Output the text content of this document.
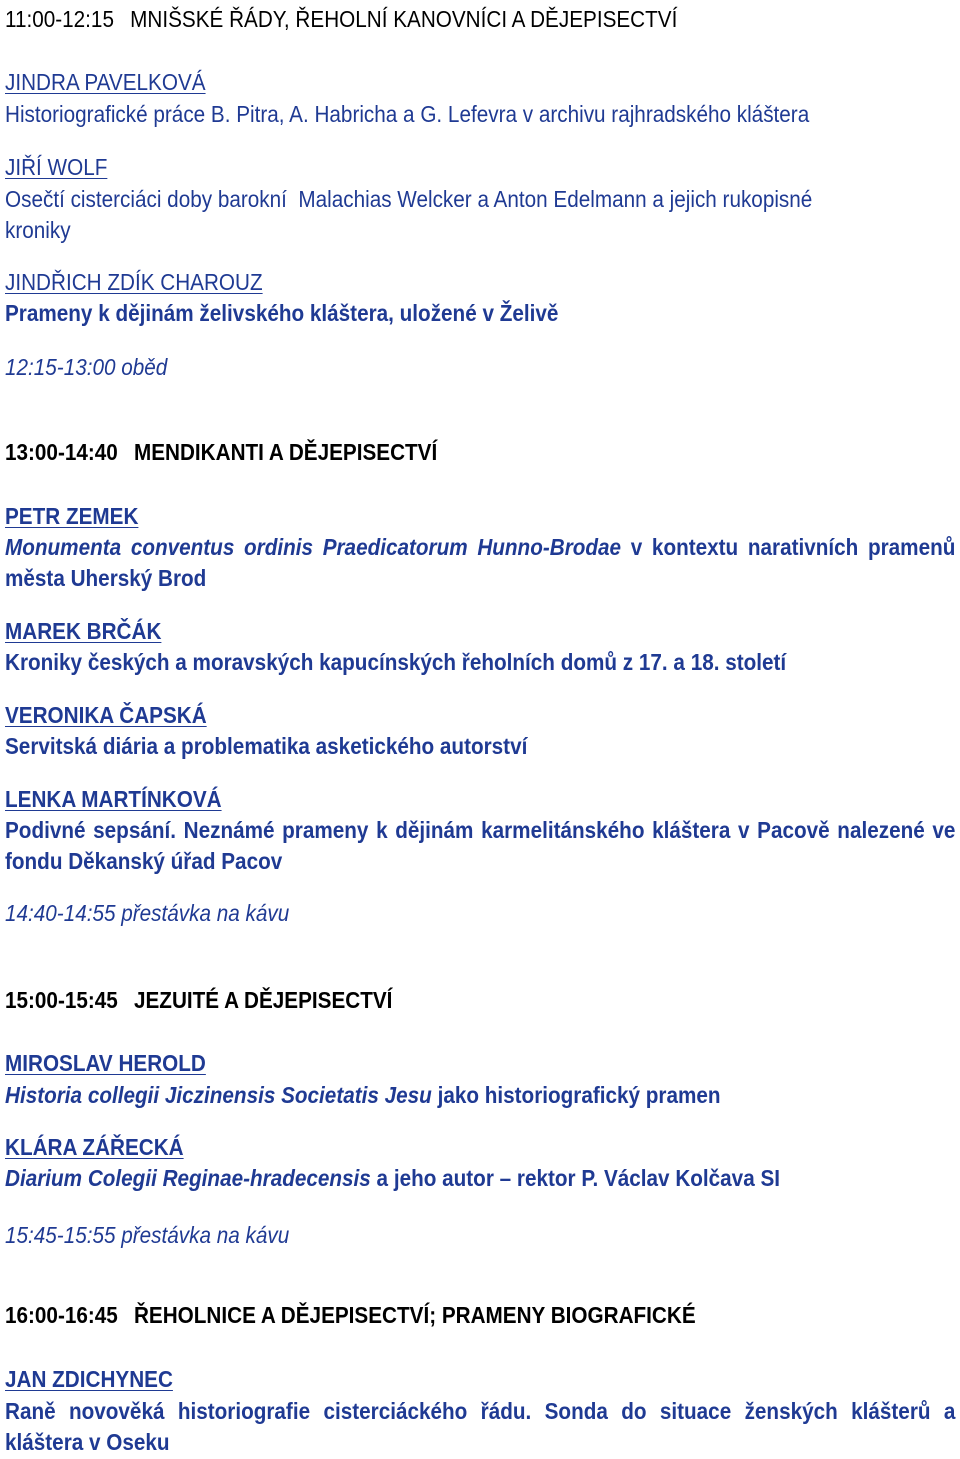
11:00-12:15 MNIŠSKÉ ŘÁDY, ŘEHOLNÍ KANOVNÍCI A DĚJEPISECTVÍ
JINDRA PAVELKOVÁ
Historiografické práce B. Pitra, A. Habricha a G. Lefevra v archivu rajhradského kláštera
JIŘÍ WOLF
Osečtí cisterciáci doby barokní  Malachias Welcker a Anton Edelmann a jejich rukopisné
kroniky
JINDŘICH ZDÍK CHAROUZ
Prameny k dějinám želivského kláštera, uložené v Želivě
12:15-13:00 oběd
13:00-14:40 MENDIKANTI A DĚJEPISECTVÍ
PETR ZEMEK
Monumenta conventus ordinis Praedicatorum Hunno-Brodae v kontextu narativních pramenů města Uherský Brod
MAREK BRČÁK
Kroniky českých a moravských kapucínských řeholních domů z 17. a 18. století
VERONIKA ČAPSKÁ
Servitská diária a problematika asketického autorství
LENKA MARTÍNKOVÁ
Podivné sepsání. Neznámé prameny k dějinám karmelitánského kláštera v Pacově nalezené ve fondu Děkanský úřad Pacov
14:40-14:55 přestávka na kávu
15:00-15:45 JEZUITÉ A DĚJEPISECTVÍ
MIROSLAV HEROLD
Historia collegii Jiczinensis Societatis Jesu jako historiografický pramen
KLÁRA ZÁŘECKÁ
Diarium Colegii Reginae-hradecensis a jeho autor – rektor P. Václav Kolčava SI
15:45-15:55 přestávka na kávu
16:00-16:45 ŘEHOLNICE A DĚJEPISECTVÍ; PRAMENY BIOGRAFICKÉ
JAN ZDICHYNEC
Raně novověká historiografie cisterciáckého řádu. Sonda do situace ženských klášterů a kláštera v Oseku
